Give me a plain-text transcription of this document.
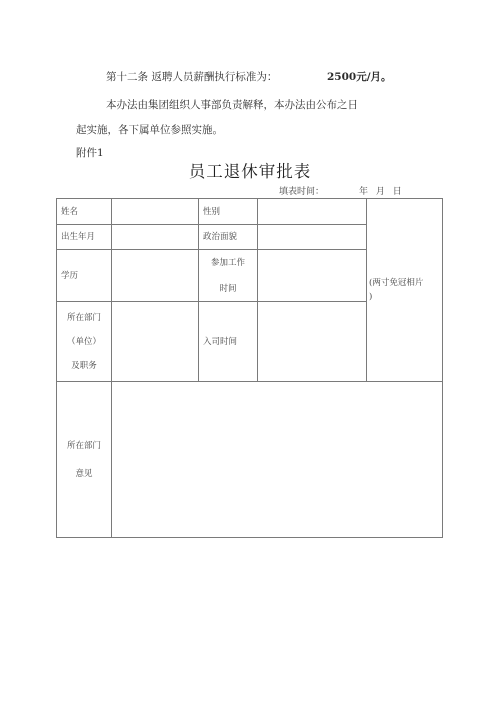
第十二条 返聘人员薪酬执行标准为：	2500元/月。
本办法由集团组织人事部负责解释，本办法由公布之日
起实施，各下属单位参照实施。
附件1
员工退休审批表
填表时间：	年 月 日
姓名		性别		(两寸免冠相片
)

出生年月		政治面貌		
学历		参加工作
时间		

所在部门
（单位）
及职务		入司时间		

所在部门
意见				
